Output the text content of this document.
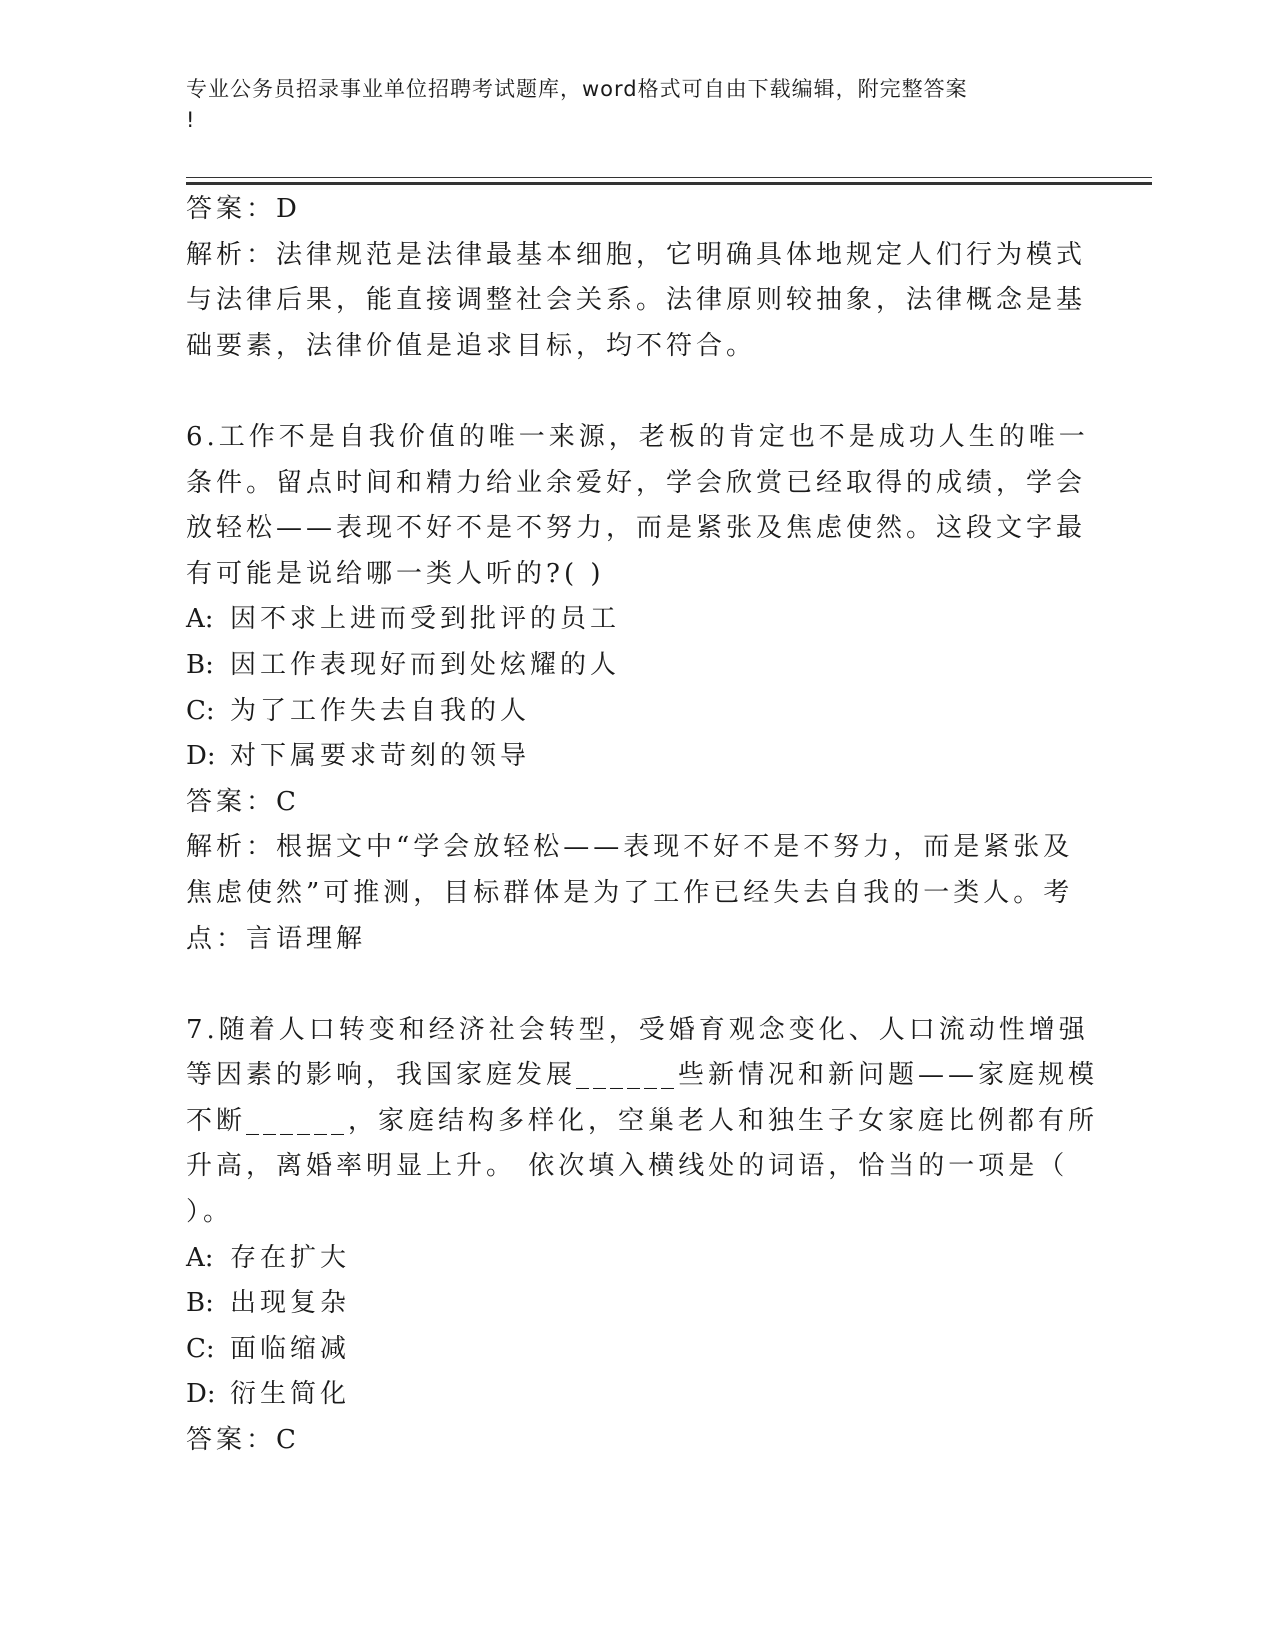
专业公务员招录事业单位招聘考试题库，word格式可自由下载编辑，附完整答案
!
答案：D
解析：法律规范是法律最基本细胞，它明确具体地规定人们行为模式
与法律后果，能直接调整社会关系。法律原则较抽象，法律概念是基
础要素，法律价值是追求目标，均不符合。
6.工作不是自我价值的唯一来源，老板的肯定也不是成功人生的唯一
条件。留点时间和精力给业余爱好，学会欣赏已经取得的成绩，学会
放轻松——表现不好不是不努力，而是紧张及焦虑使然。这段文字最
有可能是说给哪一类人听的?( )
A: 因不求上进而受到批评的员工
B: 因工作表现好而到处炫耀的人
C: 为了工作失去自我的人
D: 对下属要求苛刻的领导
答案：C
解析：根据文中“学会放轻松——表现不好不是不努力，而是紧张及
焦虑使然”可推测，目标群体是为了工作已经失去自我的一类人。考
点：言语理解
7.随着人口转变和经济社会转型，受婚育观念变化、人口流动性增强
等因素的影响，我国家庭发展______些新情况和新问题——家庭规模
不断______，家庭结构多样化，空巢老人和独生子女家庭比例都有所
升高，离婚率明显上升。 依次填入横线处的词语，恰当的一项是（
）。
A: 存在扩大
B: 出现复杂
C: 面临缩减
D: 衍生简化
答案：C
